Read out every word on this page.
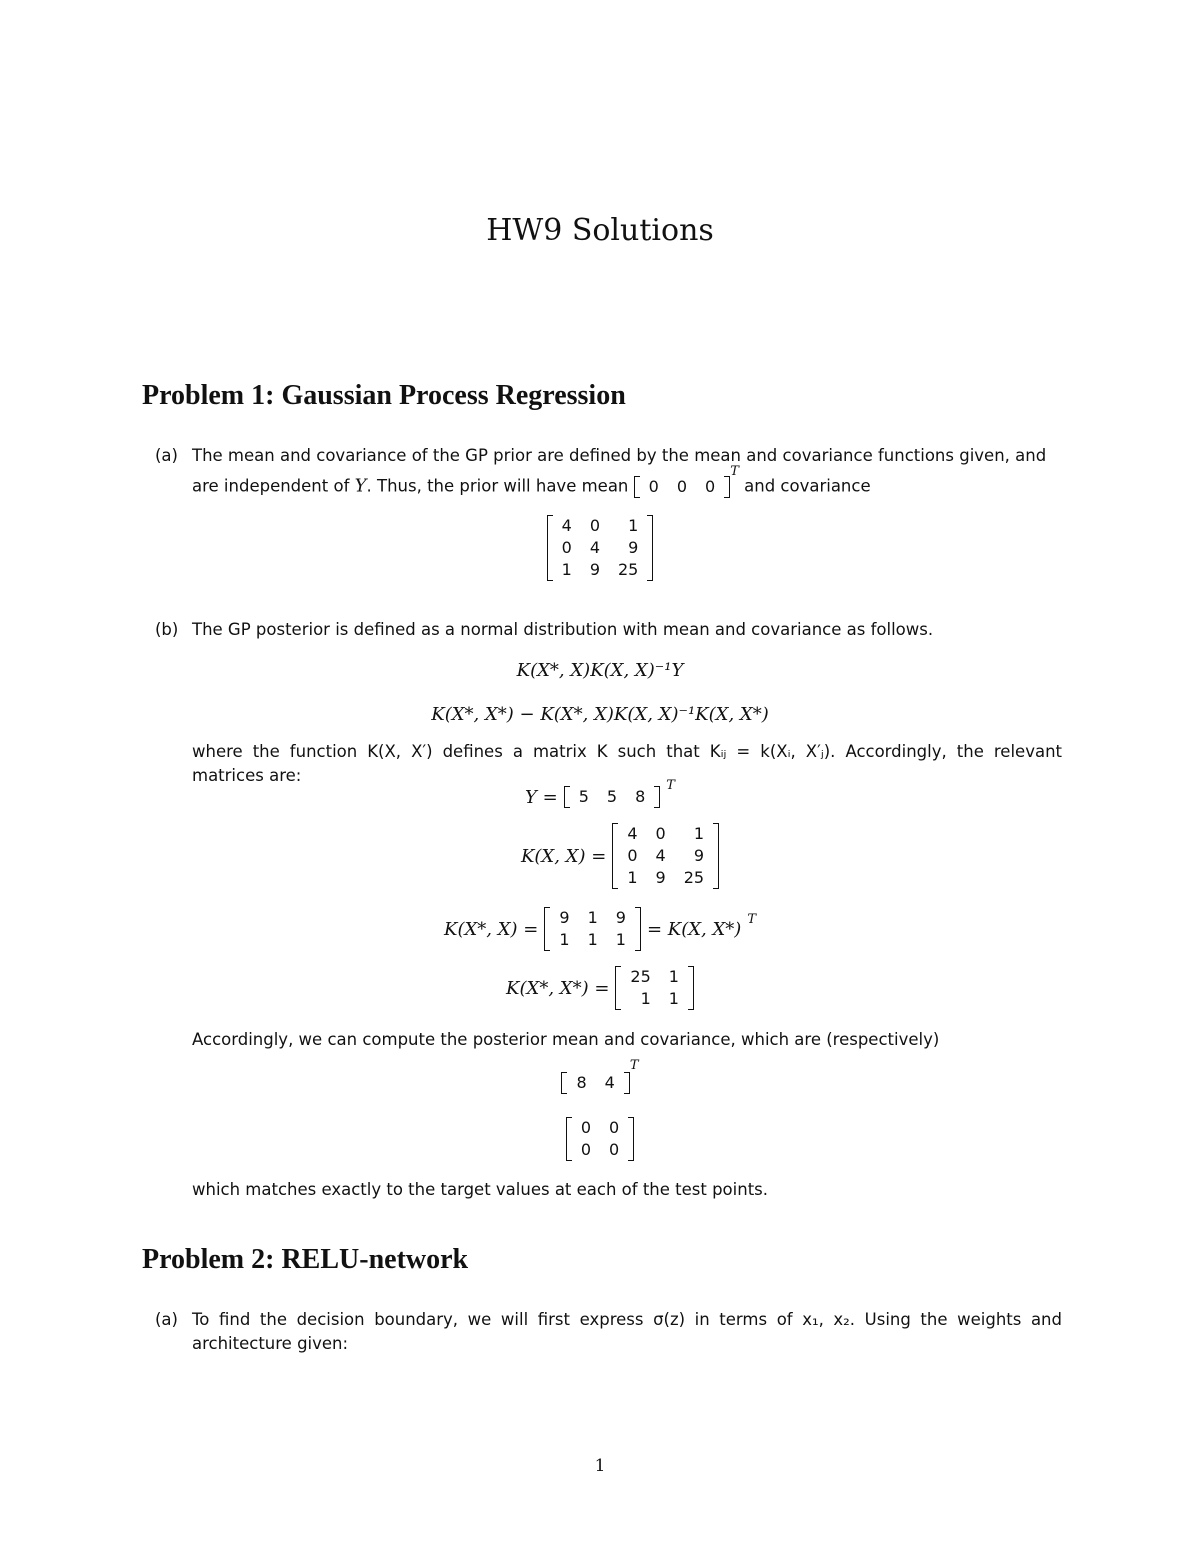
HW9 Solutions
Problem 1: Gaussian Process Regression
(a) The mean and covariance of the GP prior are defined by the mean and covariance functions given, and
are independent of Y. Thus, the prior will have mean 0	0	0
$^T$ and covariance
4	0	1
0	4	9
1	9	25
(b) The GP posterior is defined as a normal distribution with mean and covariance as follows.
K(X*, X)K(X, X)⁻¹Y
K(X*, X*) − K(X*, X)K(X, X)⁻¹K(X, X*)
where the function K(X, X′) defines a matrix K such that Kᵢⱼ = k(Xᵢ, X′ⱼ). Accordingly, the relevant
matrices are:
Y = 5	5	8
T
K(X, X) =
4	0	1
0	4	9
1	9	25
K(X*, X) =
9	1	9
1	1	1 = K(X, X*) T
K(X*, X*) =
25	1
1	1
Accordingly, we can compute the posterior mean and covariance, which are (respectively)
8	4
$^T$
0	0
0	0
which matches exactly to the target values at each of the test points.
Problem 2: RELU-network
(a) To find the decision boundary, we will first express σ(z) in terms of x₁, x₂. Using the weights and
architecture given:
1
